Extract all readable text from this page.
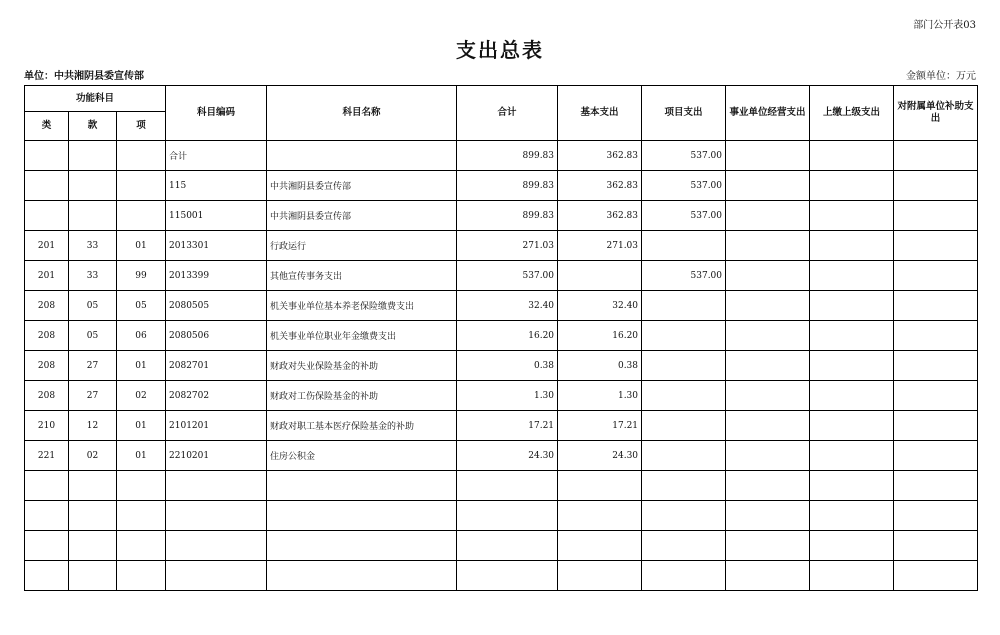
部门公开表03
支出总表
单位：中共湘阴县委宣传部	金额单位：万元
功能科目			科目编码	科目名称	合计	基本支出	项目支出	事业单位经营支出	上缴上级支出	对附属单位补助支出
类	款	项								
			合计		899.83	362.83	537.00			
			115	中共湘阴县委宣传部	899.83	362.83	537.00			
			115001	中共湘阴县委宣传部	899.83	362.83	537.00			
201	33	01	2013301	行政运行	271.03	271.03				
201	33	99	2013399	其他宣传事务支出	537.00		537.00			
208	05	05	2080505	机关事业单位基本养老保险缴费支出	32.40	32.40				
208	05	06	2080506	机关事业单位职业年金缴费支出	16.20	16.20				
208	27	01	2082701	财政对失业保险基金的补助	0.38	0.38				
208	27	02	2082702	财政对工伤保险基金的补助	1.30	1.30				
210	12	01	2101201	财政对职工基本医疗保险基金的补助	17.21	17.21				
221	02	01	2210201	住房公积金	24.30	24.30				
